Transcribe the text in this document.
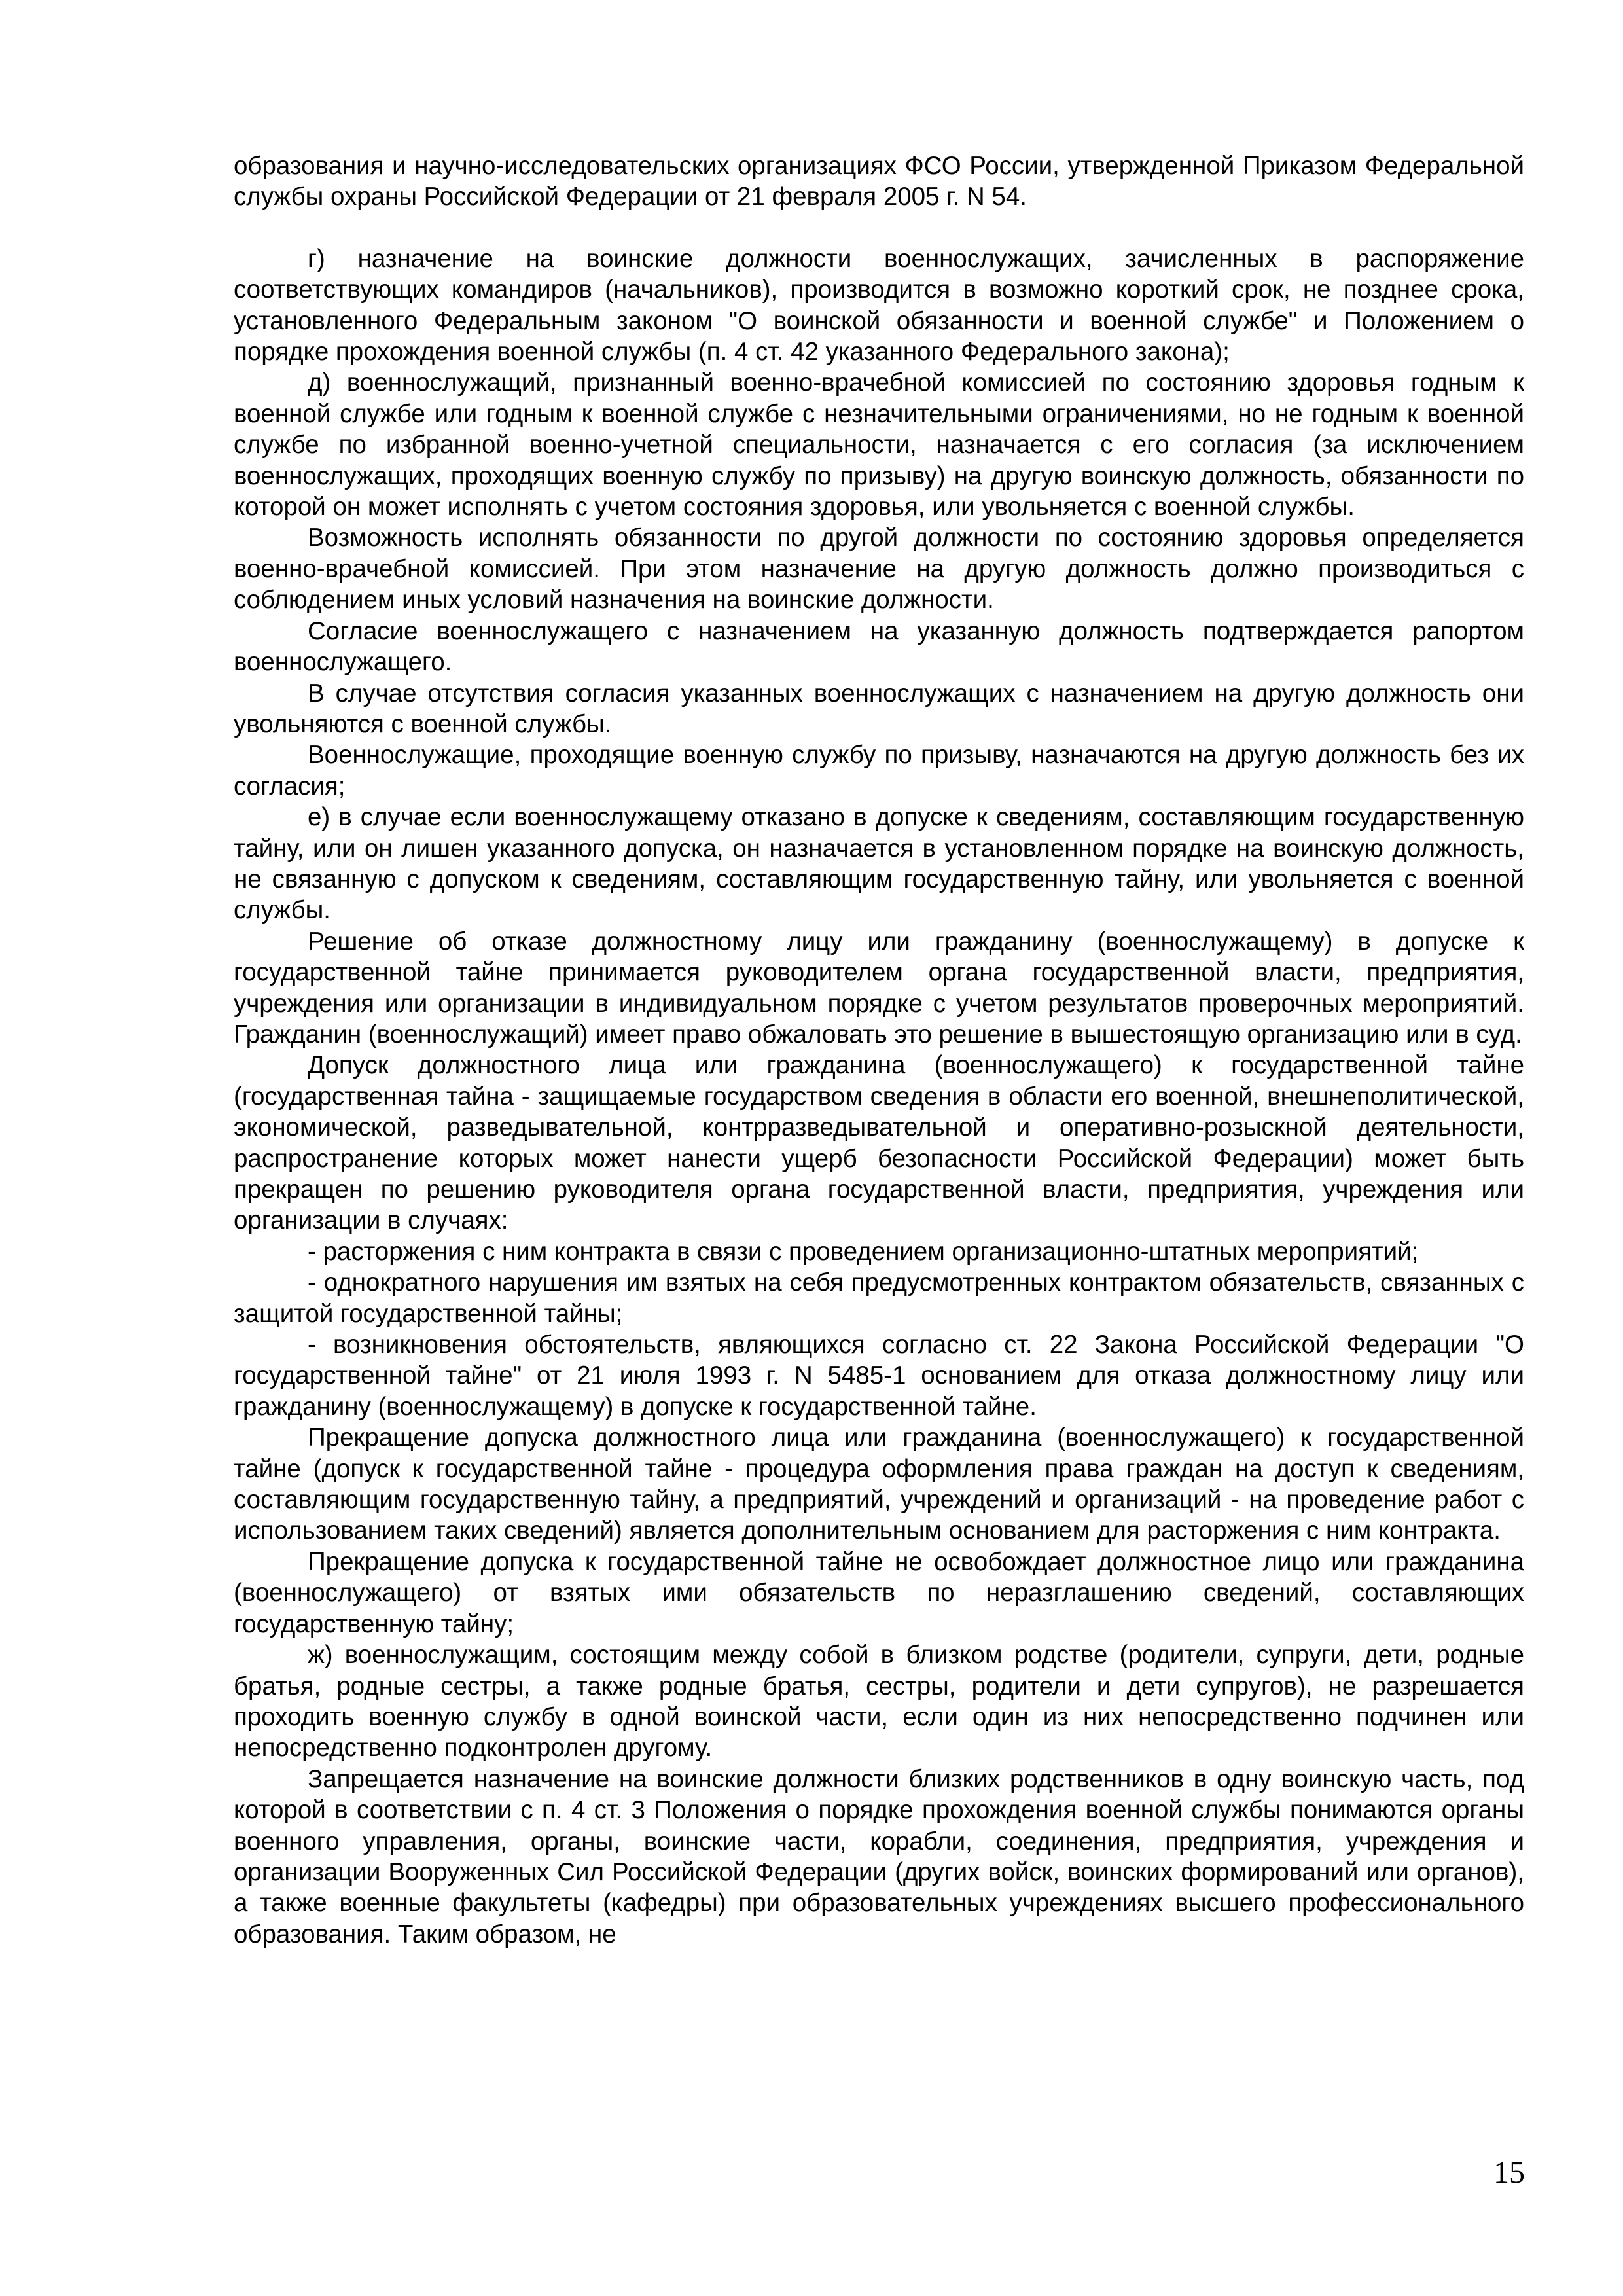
образования и научно-исследовательских организациях ФСО России, утвержденной Приказом Федеральной службы охраны Российской Федерации от 21 февраля 2005 г. N 54.

г) назначение на воинские должности военнослужащих, зачисленных в распоряжение соответствующих командиров (начальников), производится в возможно короткий срок, не позднее срока, установленного Федеральным законом "О воинской обязанности и военной службе" и Положением о порядке прохождения военной службы (п. 4 ст. 42 указанного Федерального закона);

д) военнослужащий, признанный военно-врачебной комиссией по состоянию здоровья годным к военной службе или годным к военной службе с незначительными ограничениями, но не годным к военной службе по избранной военно-учетной специальности, назначается с его согласия (за исключением военнослужащих, проходящих военную службу по призыву) на другую воинскую должность, обязанности по которой он может исполнять с учетом состояния здоровья, или увольняется с военной службы.

Возможность исполнять обязанности по другой должности по состоянию здоровья определяется военно-врачебной комиссией. При этом назначение на другую должность должно производиться с соблюдением иных условий назначения на воинские должности.

Согласие военнослужащего с назначением на указанную должность подтверждается рапортом военнослужащего.

В случае отсутствия согласия указанных военнослужащих с назначением на другую должность они увольняются с военной службы.

Военнослужащие, проходящие военную службу по призыву, назначаются на другую должность без их согласия;

е) в случае если военнослужащему отказано в допуске к сведениям, составляющим государственную тайну, или он лишен указанного допуска, он назначается в установленном порядке на воинскую должность, не связанную с допуском к сведениям, составляющим государственную тайну, или увольняется с военной службы.

Решение об отказе должностному лицу или гражданину (военнослужащему) в допуске к государственной тайне принимается руководителем органа государственной власти, предприятия, учреждения или организации в индивидуальном порядке с учетом результатов проверочных мероприятий. Гражданин (военнослужащий) имеет право обжаловать это решение в вышестоящую организацию или в суд.

Допуск должностного лица или гражданина (военнослужащего) к государственной тайне (государственная тайна - защищаемые государством сведения в области его военной, внешнеполитической, экономической, разведывательной, контрразведывательной и оперативно-розыскной деятельности, распространение которых может нанести ущерб безопасности Российской Федерации) может быть прекращен по решению руководителя органа государственной власти, предприятия, учреждения или организации в случаях:

- расторжения с ним контракта в связи с проведением организационно-штатных мероприятий;

- однократного нарушения им взятых на себя предусмотренных контрактом обязательств, связанных с защитой государственной тайны;

- возникновения обстоятельств, являющихся согласно ст. 22 Закона Российской Федерации "О государственной тайне" от 21 июля 1993 г. N 5485-1 основанием для отказа должностному лицу или гражданину (военнослужащему) в допуске к государственной тайне.

Прекращение допуска должностного лица или гражданина (военнослужащего) к государственной тайне (допуск к государственной тайне - процедура оформления права граждан на доступ к сведениям, составляющим государственную тайну, а предприятий, учреждений и организаций - на проведение работ с использованием таких сведений) является дополнительным основанием для расторжения с ним контракта.

Прекращение допуска к государственной тайне не освобождает должностное лицо или гражданина (военнослужащего) от взятых ими обязательств по неразглашению сведений, составляющих государственную тайну;

ж) военнослужащим, состоящим между собой в близком родстве (родители, супруги, дети, родные братья, родные сестры, а также родные братья, сестры, родители и дети супругов), не разрешается проходить военную службу в одной воинской части, если один из них непосредственно подчинен или непосредственно подконтролен другому.

Запрещается назначение на воинские должности близких родственников в одну воинскую часть, под которой в соответствии с п. 4 ст. 3 Положения о порядке прохождения военной службы понимаются органы военного управления, органы, воинские части, корабли, соединения, предприятия, учреждения и организации Вооруженных Сил Российской Федерации (других войск, воинских формирований или органов), а также военные факультеты (кафедры) при образовательных учреждениях высшего профессионального образования. Таким образом, не

15
